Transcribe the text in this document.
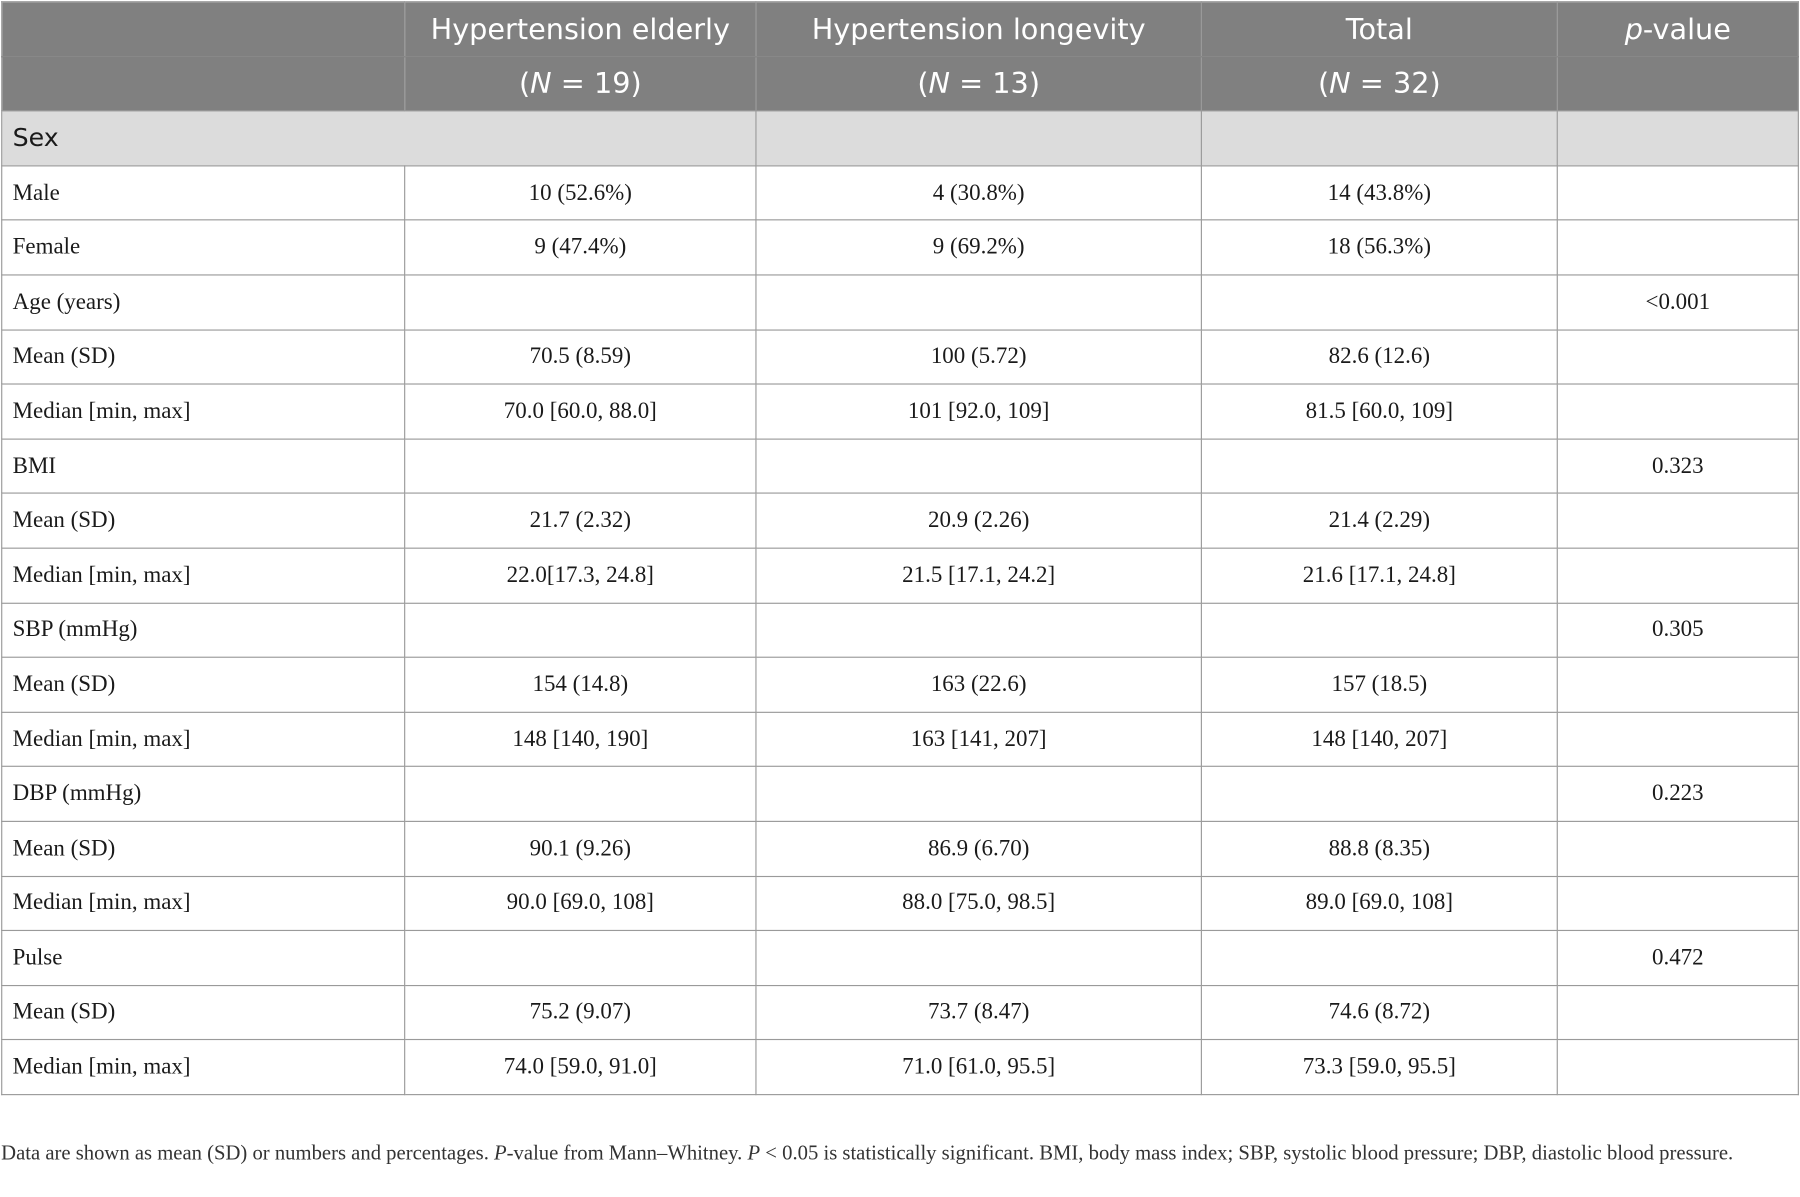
	Hypertension elderly	Hypertension longevity	Total	p-value
	(N = 19)	(N = 13)	(N = 32)	
Sex				
Male	10 (52.6%)	4 (30.8%)	14 (43.8%)	
Female	9 (47.4%)	9 (69.2%)	18 (56.3%)	
Age (years)				<0.001
Mean (SD)	70.5 (8.59)	100 (5.72)	82.6 (12.6)	
Median [min, max]	70.0 [60.0, 88.0]	101 [92.0, 109]	81.5 [60.0, 109]	
BMI				0.323
Mean (SD)	21.7 (2.32)	20.9 (2.26)	21.4 (2.29)	
Median [min, max]	22.0[17.3, 24.8]	21.5 [17.1, 24.2]	21.6 [17.1, 24.8]	
SBP (mmHg)				0.305
Mean (SD)	154 (14.8)	163 (22.6)	157 (18.5)	
Median [min, max]	148 [140, 190]	163 [141, 207]	148 [140, 207]	
DBP (mmHg)				0.223
Mean (SD)	90.1 (9.26)	86.9 (6.70)	88.8 (8.35)	
Median [min, max]	90.0 [69.0, 108]	88.0 [75.0, 98.5]	89.0 [69.0, 108]	
Pulse				0.472
Mean (SD)	75.2 (9.07)	73.7 (8.47)	74.6 (8.72)	
Median [min, max]	74.0 [59.0, 91.0]	71.0 [61.0, 95.5]	73.3 [59.0, 95.5]	
Data are shown as mean (SD) or numbers and percentages. P-value from Mann–Whitney. P < 0.05 is statistically significant. BMI, body mass index; SBP, systolic blood pressure; DBP, diastolic blood pressure.
